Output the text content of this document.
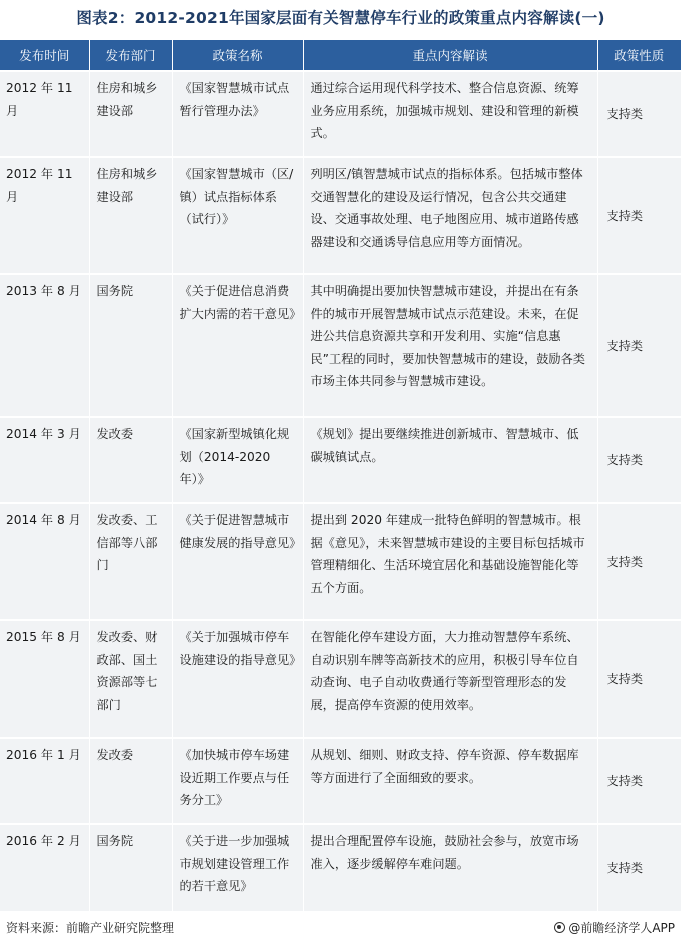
图表2：2012-2021年国家层面有关智慧停车行业的政策重点内容解读(一)
发布时间	发布部门	政策名称	重点内容解读	政策性质
2012 年 11 月	住房和城乡建设部	《国家智慧城市试点暂行管理办法》	通过综合运用现代科学技术、整合信息资源、统筹业务应用系统，加强城市规划、建设和管理的新模式。	支持类
2012 年 11 月	住房和城乡建设部	《国家智慧城市（区/镇）试点指标体系（试行）》	列明区/镇智慧城市试点的指标体系。包括城市整体交通智慧化的建设及运行情况，包含公共交通建设、交通事故处理、电子地图应用、城市道路传感器建设和交通诱导信息应用等方面情况。	支持类
2013 年 8 月	国务院	《关于促进信息消费扩大内需的若干意见》	其中明确提出要加快智慧城市建设，并提出在有条件的城市开展智慧城市试点示范建设。未来，在促进公共信息资源共享和开发利用、实施“信息惠民”工程的同时，要加快智慧城市的建设，鼓励各类市场主体共同参与智慧城市建设。	支持类
2014 年 3 月	发改委	《国家新型城镇化规划（2014-2020 年）》	《规划》提出要继续推进创新城市、智慧城市、低碳城镇试点。	支持类
2014 年 8 月	发改委、工信部等八部门	《关于促进智慧城市健康发展的指导意见》	提出到 2020 年建成一批特色鲜明的智慧城市。根据《意见》，未来智慧城市建设的主要目标包括城市管理精细化、生活环境宜居化和基础设施智能化等五个方面。	支持类
2015 年 8 月	发改委、财政部、国土资源部等七部门	《关于加强城市停车设施建设的指导意见》	在智能化停车建设方面，大力推动智慧停车系统、自动识别车牌等高新技术的应用，积极引导车位自动查询、电子自动收费通行等新型管理形态的发展，提高停车资源的使用效率。	支持类
2016 年 1 月	发改委	《加快城市停车场建设近期工作要点与任务分工》	从规划、细则、财政支持、停车资源、停车数据库等方面进行了全面细致的要求。	支持类
2016 年 2 月	国务院	《关于进一步加强城市规划建设管理工作的若干意见》	提出合理配置停车设施，鼓励社会参与，放宽市场准入，逐步缓解停车难问题。	支持类
资料来源：前瞻产业研究院整理	@前瞻经济学人APP
